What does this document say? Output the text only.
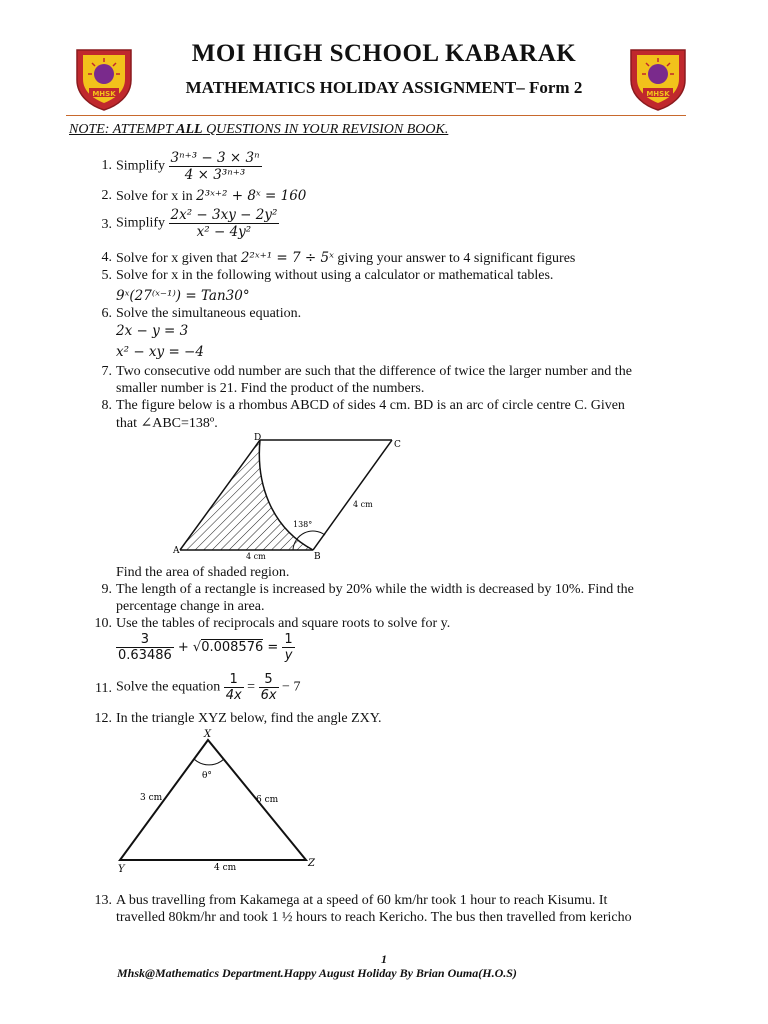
MHSK	MHSK
MOI HIGH SCHOOL KABARAK
MATHEMATICS HOLIDAY ASSIGNMENT– Form 2
NOTE: ATTEMPT ALL QUESTIONS IN YOUR REVISION BOOK.
1. Simplify $\frac{\text{3ⁿ⁺³ − 3 × 3ⁿ}}{\text{4 × 3³ⁿ⁺³}}$
2. Solve for x in 2³ˣ⁺² + 8ˣ = 160
3. Simplify $\frac{\text{2x² − 3xy − 2y²}}{\text{x² − 4y²}}$
4. Solve for x given that 2²ˣ⁺¹ = 7 ÷ 5ˣ giving your answer to 4 significant figures
5. Solve for x in the following without using a calculator or mathematical tables.
9ˣ(27⁽ˣ⁻¹⁾) = Tan30°
6. Solve the simultaneous equation.
2x − y = 3
x² − xy = −4
7. Two consecutive odd number are such that the difference of twice the larger number and the
smaller number is 21. Find the product of the numbers.
8. The figure below is a rhombus ABCD of sides 4 cm. BD is an arc of circle centre C. Given
that ∠ABC=138º.
A
D
C
B
4 cm
4 cm
138°
Find the area of shaded region.
9. The length of a rectangle is increased by 20% while the width is decreased by 10%. Find the
percentage change in area.
10. Use the tables of reciprocals and square roots to solve for y.
$\frac{3}{0.63486} + √0.008576 = \frac{1}{y}$
11. Solve the equation $\frac{1}{4x} = \frac{5}{6x} - 7$
12. In the triangle XYZ below, find the angle ZXY.
X
Y
Z
3 cm	6 cm
4 cm
θ°
13. A bus travelling from Kakamega at a speed of 60 km/hr took 1 hour to reach Kisumu. It
travelled 80km/hr and took 1 ½ hours to reach Kericho. The bus then travelled from kericho
1
Mhsk@Mathematics Department.Happy August Holiday By Brian Ouma(H.O.S)
